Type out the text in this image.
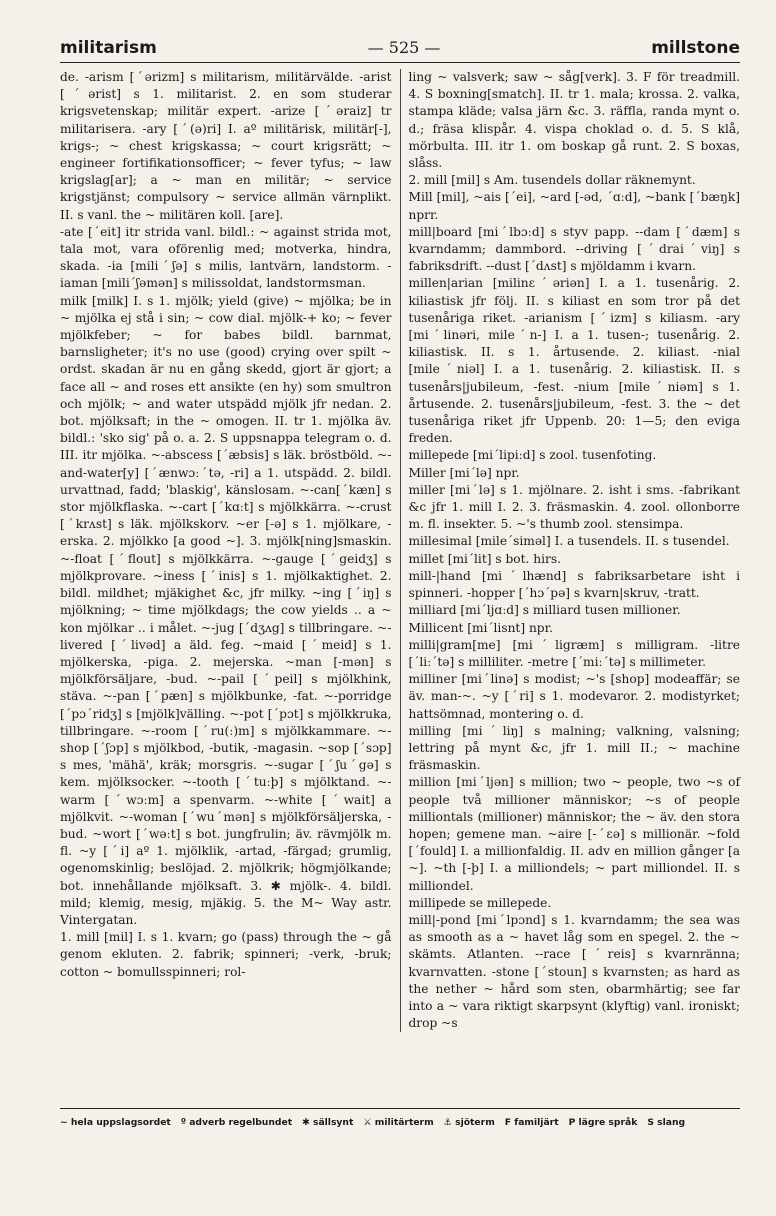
militarism	— 525 —	millstone

de. -arism [ˊərizm] s militarism, militärvälde. -arist [ˊərist] s 1. militarist. 2. en som studerar krigsvetenskap; militär expert. -arize [ˊəraiz] tr militarisera. -ary [ˊ(ə)ri] I. aº militärisk, militär[-], krigs-; ~ chest krigskassa; ~ court krigsrätt; ~ engineer fortifikationsofficer; ~ fever tyfus; ~ law krigslag[ar]; a ~ man en militär; ~ service krigstjänst; compulsory ~ service allmän värnplikt. II. s vanl. the ~ militären koll. [are].

-ate [ˊeit] itr strida vanl. bildl.: ~ against strida mot, tala mot, vara oförenlig med; motverka, hindra, skada. -ia [miliˊʃə] s milis, lantvärn, landstorm. -iaman [miliˊʃəmən] s milissoldat, landstormsman.

milk [milk] I. s 1. mjölk; yield (give) ~ mjölka; be in ~ mjölka ej stå i sin; ~ cow dial. mjölk-+ ko; ~ fever mjölkfeber; ~ for babes bildl. barnmat, barnsligheter; it's no use (good) crying over spilt ~ ordst. skadan är nu en gång skedd, gjort är gjort; a face all ~ and roses ett ansikte (en hy) som smultron och mjölk; ~ and water utspädd mjölk jfr nedan. 2. bot. mjölksaft; in the ~ omogen. II. tr 1. mjölka äv. bildl.: 'sko sig' på o. a. 2. S uppsnappa telegram o. d. III. itr mjölka. ~-abscess [ˊæbsis] s läk. bröstböld. ~-and-water[y] [ˊænwɔːˊtə, -ri] a 1. utspädd. 2. bildl. urvattnad, fadd; 'blaskig', känslosam. ~-can[ˊkæn] s stor mjölkflaska. ~-cart [ˊkɑːt] s mjölkkärra. ~-crust [ˊkrʌst] s läk. mjölkskorv. ~er [-ə] s 1. mjölkare, -erska. 2. mjölkko [a good ~]. 3. mjölk[ning]smaskin. ~-float [ˊflout] s mjölkkärra. ~-gauge [ˊgeidʒ] s mjölkprovare. ~iness [ˊinis] s 1. mjölkaktighet. 2. bildl. mildhet; mjäkighet &c, jfr milky. ~ing [ˊiŋ] s mjölkning; ~ time mjölkdags; the cow yields .. a ~ kon mjölkar .. i målet. ~-jug [ˊdʒʌg] s tillbringare. ~-livered [ˊlivəd] a äld. feg. ~maid [ˊmeid] s 1. mjölkerska, -piga. 2. mejerska. ~man [-mən] s mjölkförsäljare, -bud. ~-pail [ˊpeil] s mjölkhink, stäva. ~-pan [ˊpæn] s mjölkbunke, -fat. ~-porridge [ˊpɔˊridʒ] s [mjölk]välling. ~-pot [ˊpɔt] s mjölkkruka, tillbringare. ~-room [ˊru(ː)m] s mjölkkammare. ~-shop [ˊʃɔp] s mjölkbod, -butik, -magasin. ~sop [ˊsɔp] s mes, 'mähä', kräk; morsgris. ~-sugar [ˊʃuˊgə] s kem. mjölksocker. ~-tooth [ˊtuːþ] s mjölktand. ~-warm [ˊwɔːm] a spenvarm. ~-white [ˊwait] a mjölkvit. ~-woman [ˊwuˊmən] s mjölkförsäljerska, -bud. ~wort [ˊwəːt] s bot. jungfrulin; äv. rävmjölk m. fl. ~y [ˊi] aº 1. mjölklik, -artad, -färgad; grumlig, ogenomskinlig; beslöjad. 2. mjölkrik; högmjölkande; bot. innehållande mjölksaft. 3. ✱ mjölk-. 4. bildl. mild; klemig, mesig, mjäkig. 5. the M~ Way astr. Vintergatan.

1. mill [mil] I. s 1. kvarn; go (pass) through the ~ gå genom ekluten. 2. fabrik; spinneri; -verk, -bruk; cotton ~ bomullsspinneri; rol-

ling ~ valsverk; saw ~ såg[verk]. 3. F för treadmill. 4. S boxning[smatch]. II. tr 1. mala; krossa. 2. valka, stampa kläde; valsa järn &c. 3. räffla, randa mynt o. d.; fräsa klispår. 4. vispa choklad o. d. 5. S klå, mörbulta. III. itr 1. om boskap gå runt. 2. S boxas, slåss.

2. mill [mil] s Am. tusendels dollar räknemynt.

Mill [mil], ~ais [ˊei], ~ard [-əd, ˊɑːd], ~bank [ˊbæŋk] nprr.

mill|board [miˊlbɔːd] s styv papp. --dam [ˊdæm] s kvarndamm; dammbord. --driving [ˊdraiˊviŋ] s fabriksdrift. --dust [ˊdʌst] s mjöldamm i kvarn.

millen|arian [milinεˊəriən] I. a 1. tusenårig. 2. kiliastisk jfr följ. II. s kiliast en som tror på det tusenåriga riket. -arianism [ˊizm] s kiliasm. -ary [miˊlinəri, mileˊn-] I. a 1. tusen-; tusenårig. 2. kiliastisk. II. s 1. årtusende. 2. kiliast. -nial [mileˊniəl] I. a 1. tusenårig. 2. kiliastisk. II. s tusenårs|jubileum, -fest. -nium [mileˊniəm] s 1. årtusende. 2. tusenårs|jubileum, -fest. 3. the ~ det tusenåriga riket jfr Uppenb. 20: 1—5; den eviga freden.

millepede [miˊlipiːd] s zool. tusenfoting.

Miller [miˊlə] npr.

miller [miˊlə] s 1. mjölnare. 2. isht i sms. -fabrikant &c jfr 1. mill I. 2. 3. fräsmaskin. 4. zool. ollonborre m. fl. insekter. 5. ~'s thumb zool. stensimpa.

millesimal [mileˊsiməl] I. a tusendels. II. s tusendel.

millet [miˊlit] s bot. hirs.

mill-|hand [miˊlhænd] s fabriksarbetare isht i spinneri. -hopper [ˊhɔˊpə] s kvarn|skruv, -tratt.

milliard [miˊljɑːd] s milliard tusen millioner.

Millicent [miˊlisnt] npr.

milli|gram[me] [miˊligræm] s milligram. -litre [ˊliːˊtə] s milliliter. -metre [ˊmiːˊtə] s millimeter.

milliner [miˊlinə] s modist; ~'s [shop] modeaffär; se äv. man-~. ~y [ˊri] s 1. modevaror. 2. modistyrket; hattsömnad, montering o. d.

milling [miˊliŋ] s malning; valkning, valsning; lettring på mynt &c, jfr 1. mill II.; ~ machine fräsmaskin.

million [miˊljən] s million; two ~ people, two ~s of people två millioner människor; ~s of people milliontals (millioner) människor; the ~ äv. den stora hopen; gemene man. ~aire [-ˊεə] s millionär. ~fold [ˊfould] I. a millionfaldig. II. adv en million gånger [a ~]. ~th [-þ] I. a milliondels; ~ part milliondel. II. s milliondel.

millipede se millepede.

mill|-pond [miˊlpɔnd] s 1. kvarndamm; the sea was as smooth as a ~ havet låg som en spegel. 2. the ~ skämts. Atlanten. --race [ˊreis] s kvarnränna; kvarnvatten. -stone [ˊstoun] s kvarnsten; as hard as the nether ~ hård som sten, obarmhärtig; see far into a ~ vara riktigt skarpsynt (klyftig) vanl. ironiskt; drop ~s

~ hela uppslagsordet º adverb regelbundet ✱ sällsynt ⚔ militärterm ⚓ sjöterm F familjärt P lägre språk S slang
